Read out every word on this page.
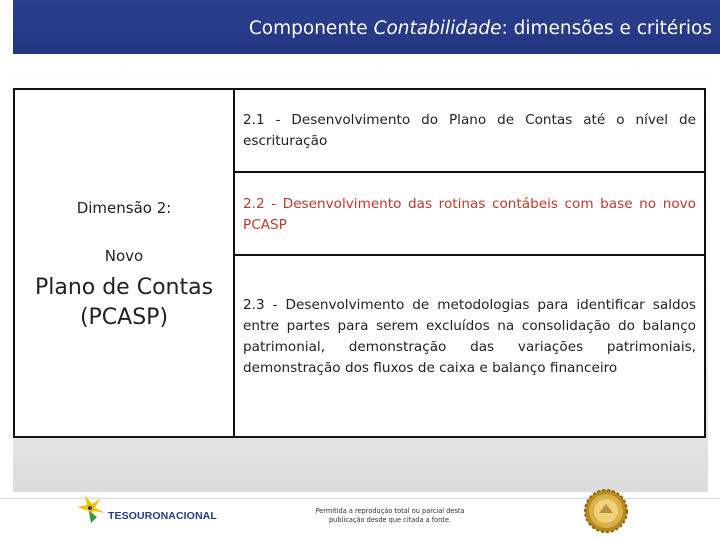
Componente Contabilidade: dimensões e critérios
Dimensão 2:
Novo
Plano de Contas
(PCASP)
2.1 - Desenvolvimento do Plano de Contas até o nível de escrituração
2.2 - Desenvolvimento das rotinas contábeis com base no novo PCASP
2.3 - Desenvolvimento de metodologias para identificar saldos entre partes para serem excluídos na consolidação do balanço patrimonial, demonstração das variações patrimoniais, demonstração dos fluxos de caixa e balanço financeiro
TESOURONACIONAL	Permitida a reprodução total ou parcial desta
publicação desde que citada a fonte.
